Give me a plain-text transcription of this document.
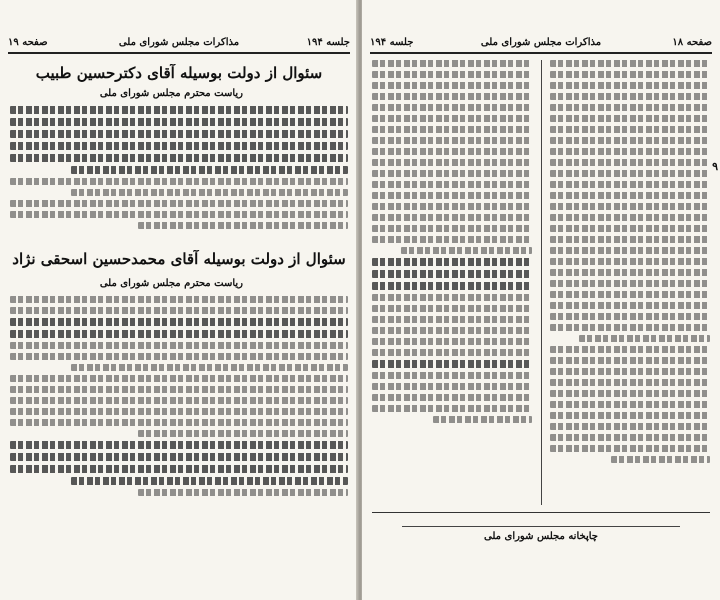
صفحه ۱۹	مذاکرات مجلس شورای ملی	جلسه ۱۹۴
سئوال از دولت بوسیله آقای دکترحسین طبیب
ریاست محترم مجلس شورای ملی
سئوال از دولت بوسیله آقای محمدحسین اسحقی نژاد
ریاست محترم مجلس شورای ملی
صفحه ۱۸
مذاکرات مجلس شورای ملی
جلسه ۱۹۴
۹
چاپخانه مجلس شورای ملی
